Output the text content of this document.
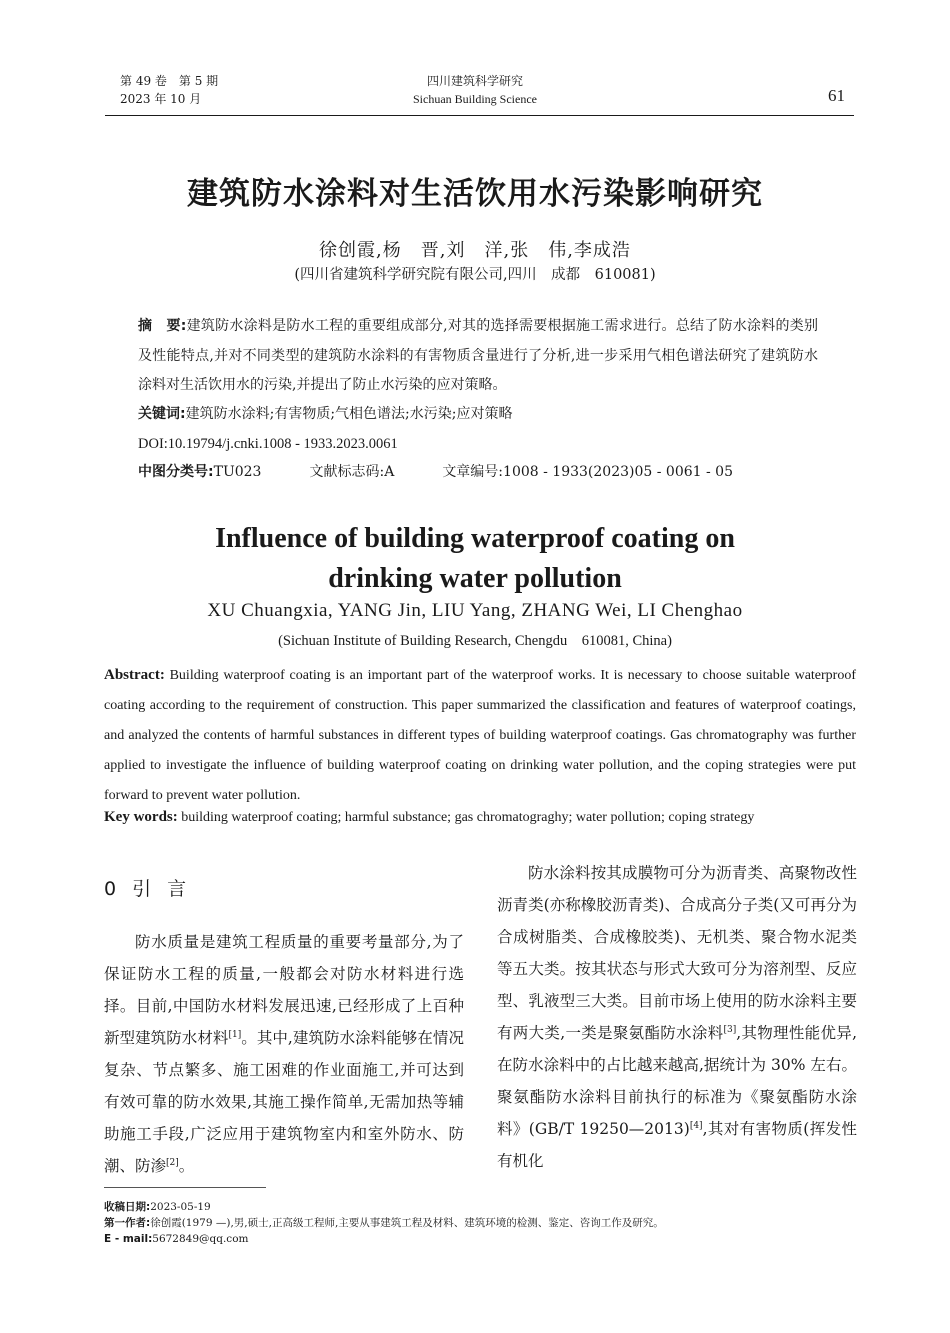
第 49 卷　第 5 期
2023 年 10 月
四川建筑科学研究
Sichuan Building Science	61
建筑防水涂料对生活饮用水污染影响研究
徐创霞,杨　晋,刘　洋,张　伟,李成浩
(四川省建筑科学研究院有限公司,四川　成都　610081)
摘　要:建筑防水涂料是防水工程的重要组成部分,对其的选择需要根据施工需求进行。总结了防水涂料的类别及性能特点,并对不同类型的建筑防水涂料的有害物质含量进行了分析,进一步采用气相色谱法研究了建筑防水涂料对生活饮用水的污染,并提出了防止水污染的应对策略。
关键词:建筑防水涂料;有害物质;气相色谱法;水污染;应对策略
DOI:10.19794/j.cnki.1008 - 1933.2023.0061
中图分类号:TU023	文献标志码:A	文章编号:1008 - 1933(2023)05 - 0061 - 05
Influence of building waterproof coating on
drinking water pollution
XU Chuangxia, YANG Jin, LIU Yang, ZHANG Wei, LI Chenghao
(Sichuan Institute of Building Research, Chengdu　610081, China)
Abstract: Building waterproof coating is an important part of the waterproof works. It is necessary to choose suitable waterproof coating according to the requirement of construction. This paper summarized the classification and features of waterproof coatings, and analyzed the contents of harmful substances in different types of building waterproof coatings. Gas chromatography was further applied to investigate the influence of building waterproof coating on drinking water pollution, and the coping strategies were put forward to prevent water pollution.
Key words: building waterproof coating; harmful substance; gas chromatograghy; water pollution; coping strategy
0 引言

防水质量是建筑工程质量的重要考量部分,为了保证防水工程的质量,一般都会对防水材料进行选择。目前,中国防水材料发展迅速,已经形成了上百种新型建筑防水材料[1]。其中,建筑防水涂料能够在情况复杂、节点繁多、施工困难的作业面施工,并可达到有效可靠的防水效果,其施工操作简单,无需加热等辅助施工手段,广泛应用于建筑物室内和室外防水、防潮、防渗[2]。

防水涂料按其成膜物可分为沥青类、高聚物改性沥青类(亦称橡胶沥青类)、合成高分子类(又可再分为合成树脂类、合成橡胶类)、无机类、聚合物水泥类等五大类。按其状态与形式大致可分为溶剂型、反应型、乳液型三大类。目前市场上使用的防水涂料主要有两大类,一类是聚氨酯防水涂料[3],其物理性能优异,在防水涂料中的占比越来越高,据统计为 30% 左右。聚氨酯防水涂料目前执行的标准为《聚氨酯防水涂料》(GB/T 19250—2013)[4],其对有害物质(挥发性有机化

收稿日期:2023-05-19
第一作者:徐创霞(1979 —),男,硕士,正高级工程师,主要从事建筑工程及材料、建筑环境的检测、鉴定、咨询工作及研究。
E - mail:5672849@qq.com
